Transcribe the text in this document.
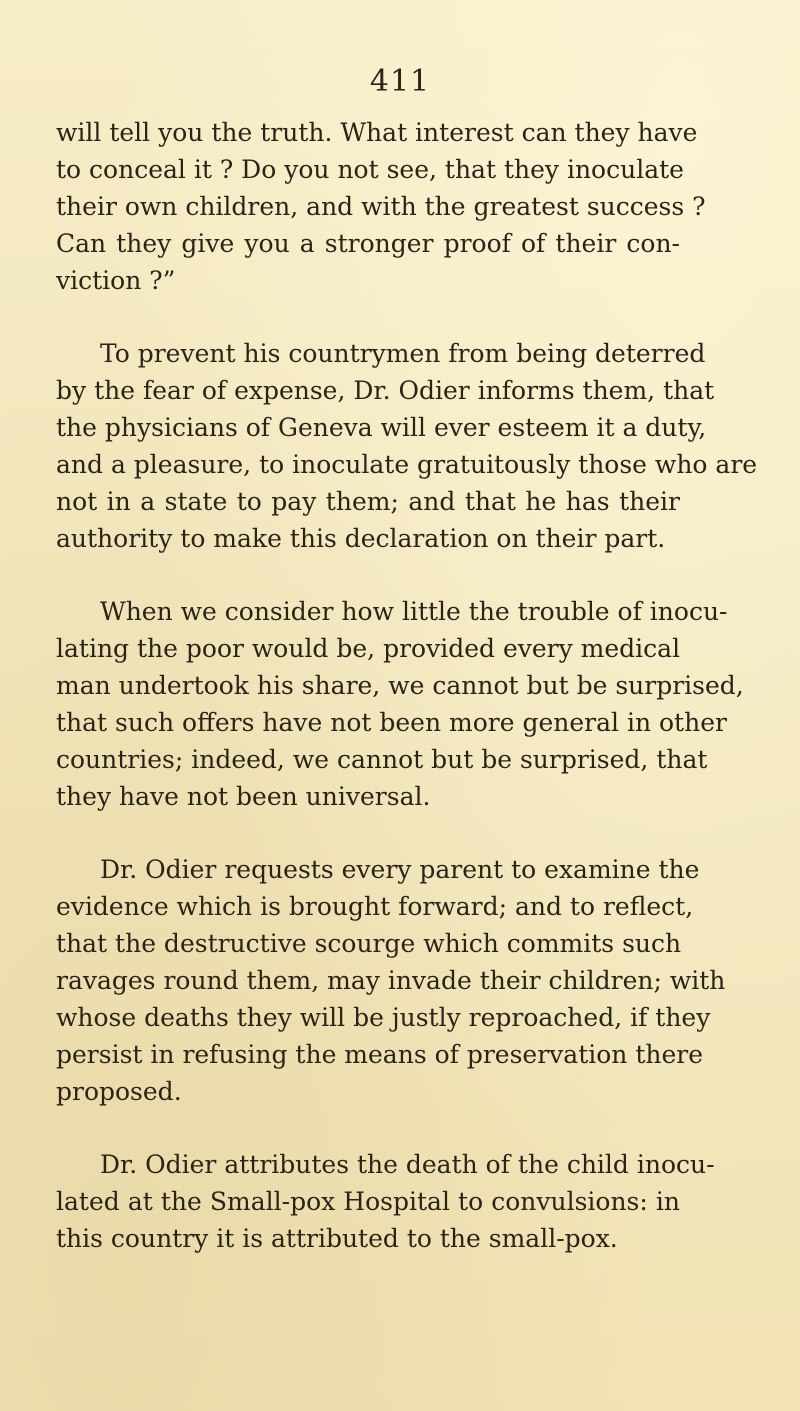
411
will tell you the truth. What interest can they have
to conceal it ? Do you not see, that they inoculate
their own children, and with the greatest success ?
Can they give you a stronger proof of their con-
viction ?”
To prevent his countrymen from being deterred
by the fear of expense, Dr. Odier informs them, that
the physicians of Geneva will ever esteem it a duty,
and a pleasure, to inoculate gratuitously those who are
not in a state to pay them; and that he has their
authority to make this declaration on their part.
When we consider how little the trouble of inocu-
lating the poor would be, provided every medical
man undertook his share, we cannot but be surprised,
that such offers have not been more general in other
countries; indeed, we cannot but be surprised, that
they have not been universal.
Dr. Odier requests every parent to examine the
evidence which is brought forward; and to reflect,
that the destructive scourge which commits such
ravages round them, may invade their children; with
whose deaths they will be justly reproached, if they
persist in refusing the means of preservation there
proposed.
Dr. Odier attributes the death of the child inocu-
lated at the Small-pox Hospital to convulsions: in
this country it is attributed to the small-pox.
